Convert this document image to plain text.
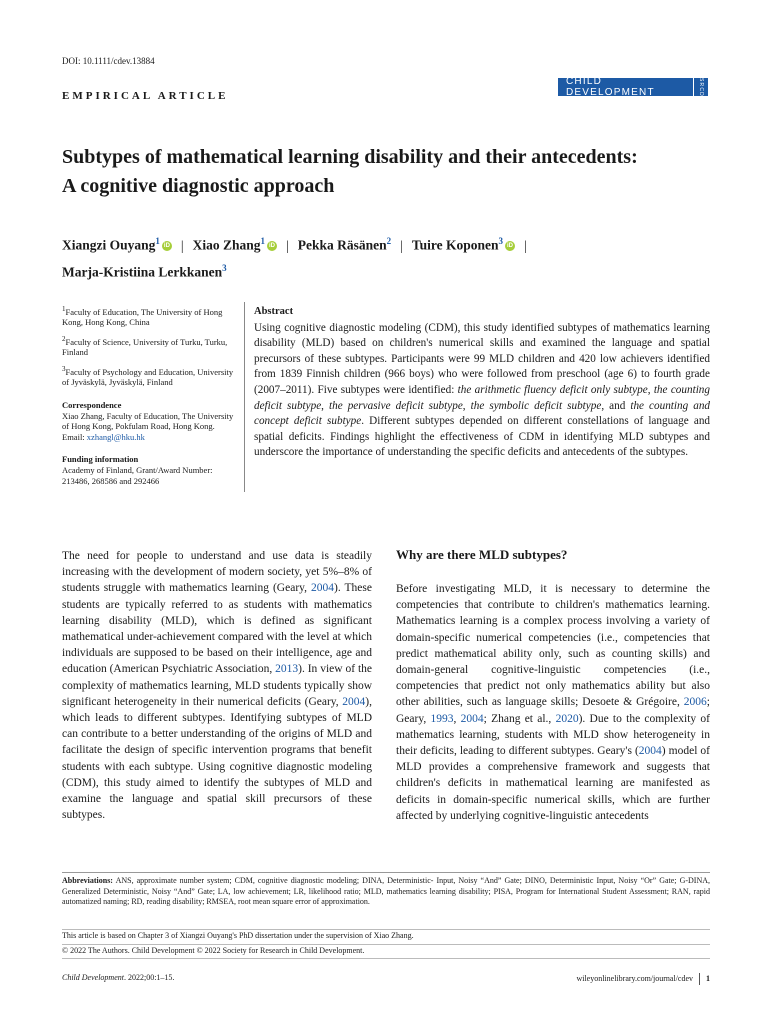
DOI: 10.1111/cdev.13884
EMPIRICAL ARTICLE
CHILD DEVELOPMENT	SRCD
Subtypes of mathematical learning disability and their antecedents:
A cognitive diagnostic approach
Xiangzi Ouyang$^1$iD | Xiao Zhang$^1$iD | Pekka Räsänen$^2$ | Tuire Koponen$^3$iD |
Marja-Kristiina Lerkkanen$^3$

$^1$Faculty of Education, The University of Hong Kong, Hong Kong, China

$^2$Faculty of Science, University of Turku, Turku, Finland

$^3$Faculty of Psychology and Education, University of Jyväskylä, Jyväskylä, Finland

Correspondence

Xiao Zhang, Faculty of Education, The University of Hong Kong, Pokfulam Road, Hong Kong.
Email: xzhangl@hku.hk

Funding information

Academy of Finland, Grant/Award Number: 213486, 268586 and 292466

Abstract
Using cognitive diagnostic modeling (CDM), this study identified subtypes of mathematics learning disability (MLD) based on children's numerical skills and examined the language and spatial precursors of these subtypes. Participants were 99 MLD children and 420 low achievers identified from 1839 Finnish children (966 boys) who were followed from preschool (age 6) to fourth grade (2007–2011). Five subtypes were identified: the arithmetic fluency deficit only subtype, the counting deficit subtype, the pervasive deficit subtype, the symbolic deficit subtype, and the counting and concept deficit subtype. Different subtypes depended on different constellations of language and spatial deficits. Findings highlight the effectiveness of CDM in identifying MLD subtypes and underscore the importance of understanding the specific deficits and antecedents of the subtypes.
The need for people to understand and use data is steadily increasing with the development of modern society, yet 5%–8% of students struggle with mathematics learning (Geary, 2004). These students are typically referred to as students with mathematics learning disability (MLD), which is defined as significant mathematical under-achievement compared with the level at which individuals are supposed to be based on their intelligence, age and education (American Psychiatric Association, 2013). In view of the complexity of mathematics learning, MLD students typically show significant heterogeneity in their numerical deficits (Geary, 2004), which leads to different subtypes. Identifying subtypes of MLD can contribute to a better understanding of the origins of MLD and facilitate the design of specific intervention programs that benefit students with each subtype. Using cognitive diagnostic modeling (CDM), this study aimed to identify the subtypes of MLD and examine the language and spatial skill precursors of these subtypes.
Why are there MLD subtypes?
Before investigating MLD, it is necessary to determine the competencies that contribute to children's mathematics learning. Mathematics learning is a complex process involving a variety of domain-specific numerical competencies (i.e., competencies that predict mathematical ability only, such as counting skills) and domain-general cognitive-linguistic competencies (i.e., competencies that predict not only mathematics ability but also other abilities, such as language skills; Desoete & Grégoire, 2006; Geary, 1993, 2004; Zhang et al., 2020). Due to the complexity of mathematics learning, students with MLD show heterogeneity in their deficits, leading to different subtypes. Geary's (2004) model of MLD provides a comprehensive framework and suggests that children's deficits in mathematical learning are manifested as deficits in domain-specific numerical skills, which are further affected by underlying cognitive-linguistic antecedents

Abbreviations: ANS, approximate number system; CDM, cognitive diagnostic modeling; DINA, Deterministic- Input, Noisy “And” Gate; DINO, Deterministic Input, Noisy “Or” Gate; G-DINA, Generalized Deterministic, Noisy “And” Gate; LA, low achievement; LR, likelihood ratio; MLD, mathematics learning disability; PISA, Program for International Student Assessment; RAN, rapid automatized naming; RD, reading disability; RMSEA, root mean square error of approximation.

This article is based on Chapter 3 of Xiangzi Ouyang's PhD dissertation under the supervision of Xiao Zhang.
© 2022 The Authors. Child Development © 2022 Society for Research in Child Development.
Child Development. 2022;00:1–15.	wileyonlinelibrary.com/journal/cdev 1
